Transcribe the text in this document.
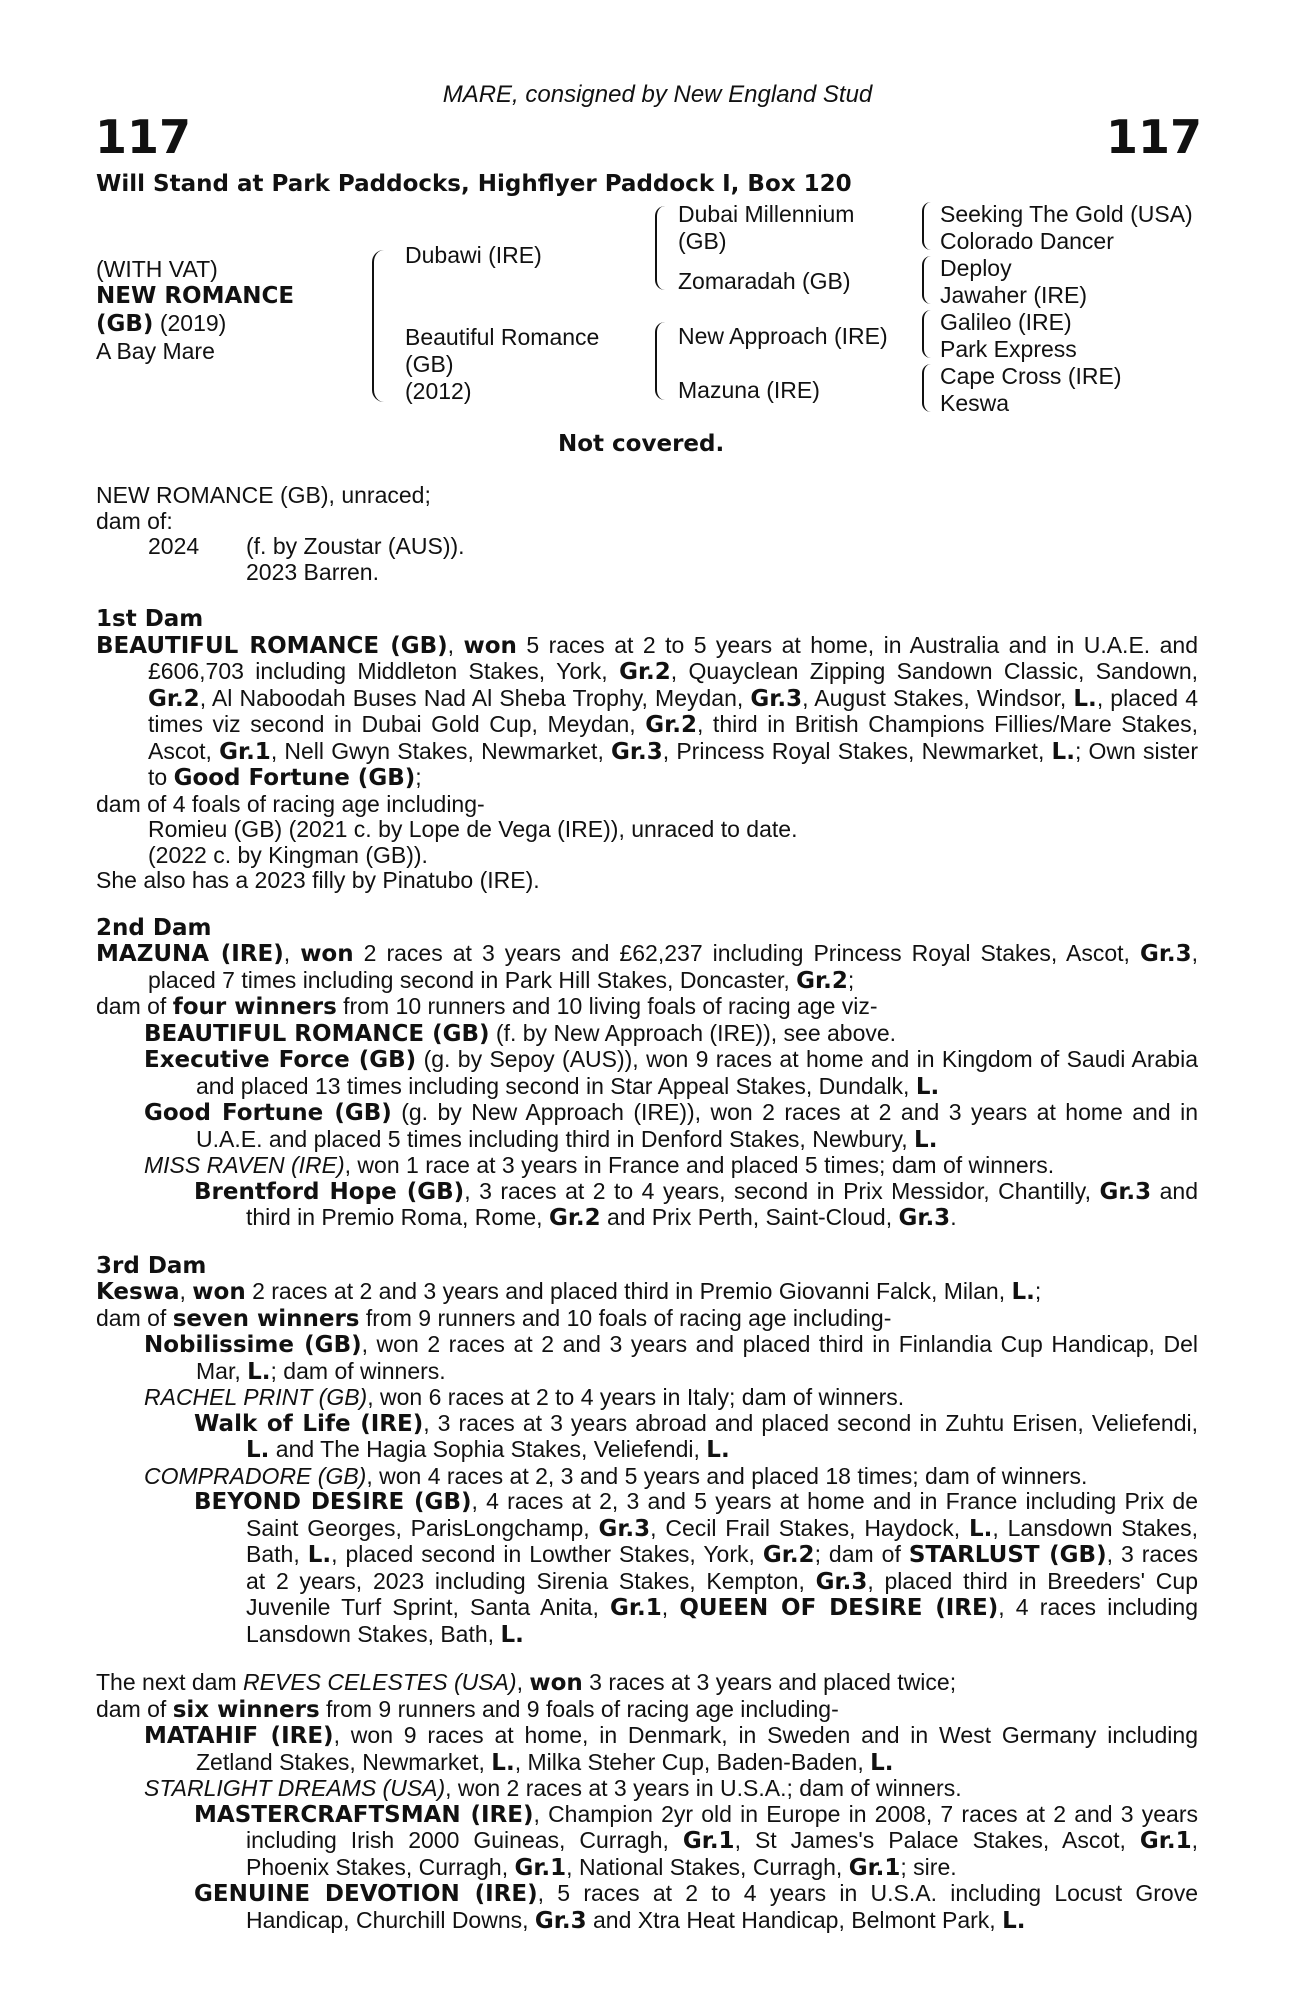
MARE, consigned by New England Stud
117	117
Will Stand at Park Paddocks, Highflyer Paddock I, Box 120
(WITH VAT)
NEW ROMANCE
(GB) (2019)
A Bay Mare
Dubawi (IRE)
Beautiful Romance
(GB)
(2012)
Dubai Millennium
(GB)
Zomaradah (GB)
New Approach (IRE)
Mazuna (IRE)
Seeking The Gold (USA)
Colorado Dancer
Deploy
Jawaher (IRE)
Galileo (IRE)
Park Express
Cape Cross (IRE)
Keswa
Not covered.
NEW ROMANCE (GB), unraced;
dam of:
2024 (f. by Zoustar (AUS)).
2023 Barren.
1st Dam
BEAUTIFUL ROMANCE (GB), won 5 races at 2 to 5 years at home, in Australia and in U.A.E. and £606,703 including Middleton Stakes, York, Gr.2, Quayclean Zipping Sandown Classic, Sandown, Gr.2, Al Naboodah Buses Nad Al Sheba Trophy, Meydan, Gr.3, August Stakes, Windsor, L., placed 4 times viz second in Dubai Gold Cup, Meydan, Gr.2, third in British Champions Fillies/Mare Stakes, Ascot, Gr.1, Nell Gwyn Stakes, Newmarket, Gr.3, Princess Royal Stakes, Newmarket, L.; Own sister to Good Fortune (GB);
dam of 4 foals of racing age including-
Romieu (GB) (2021 c. by Lope de Vega (IRE)), unraced to date.
(2022 c. by Kingman (GB)).
She also has a 2023 filly by Pinatubo (IRE).
2nd Dam
MAZUNA (IRE), won 2 races at 3 years and £62,237 including Princess Royal Stakes, Ascot, Gr.3, placed 7 times including second in Park Hill Stakes, Doncaster, Gr.2;
dam of four winners from 10 runners and 10 living foals of racing age viz-
BEAUTIFUL ROMANCE (GB) (f. by New Approach (IRE)), see above.
Executive Force (GB) (g. by Sepoy (AUS)), won 9 races at home and in Kingdom of Saudi Arabia and placed 13 times including second in Star Appeal Stakes, Dundalk, L.
Good Fortune (GB) (g. by New Approach (IRE)), won 2 races at 2 and 3 years at home and in U.A.E. and placed 5 times including third in Denford Stakes, Newbury, L.
MISS RAVEN (IRE), won 1 race at 3 years in France and placed 5 times; dam of winners.
Brentford Hope (GB), 3 races at 2 to 4 years, second in Prix Messidor, Chantilly, Gr.3 and third in Premio Roma, Rome, Gr.2 and Prix Perth, Saint-Cloud, Gr.3.
3rd Dam
Keswa, won 2 races at 2 and 3 years and placed third in Premio Giovanni Falck, Milan, L.;
dam of seven winners from 9 runners and 10 foals of racing age including-
Nobilissime (GB), won 2 races at 2 and 3 years and placed third in Finlandia Cup Handicap, Del Mar, L.; dam of winners.
RACHEL PRINT (GB), won 6 races at 2 to 4 years in Italy; dam of winners.
Walk of Life (IRE), 3 races at 3 years abroad and placed second in Zuhtu Erisen, Veliefendi, L. and The Hagia Sophia Stakes, Veliefendi, L.
COMPRADORE (GB), won 4 races at 2, 3 and 5 years and placed 18 times; dam of winners.
BEYOND DESIRE (GB), 4 races at 2, 3 and 5 years at home and in France including Prix de Saint Georges, ParisLongchamp, Gr.3, Cecil Frail Stakes, Haydock, L., Lansdown Stakes, Bath, L., placed second in Lowther Stakes, York, Gr.2; dam of STARLUST (GB), 3 races at 2 years, 2023 including Sirenia Stakes, Kempton, Gr.3, placed third in Breeders' Cup Juvenile Turf Sprint, Santa Anita, Gr.1, QUEEN OF DESIRE (IRE), 4 races including Lansdown Stakes, Bath, L.
The next dam REVES CELESTES (USA), won 3 races at 3 years and placed twice;
dam of six winners from 9 runners and 9 foals of racing age including-
MATAHIF (IRE), won 9 races at home, in Denmark, in Sweden and in West Germany including Zetland Stakes, Newmarket, L., Milka Steher Cup, Baden-Baden, L.
STARLIGHT DREAMS (USA), won 2 races at 3 years in U.S.A.; dam of winners.
MASTERCRAFTSMAN (IRE), Champion 2yr old in Europe in 2008, 7 races at 2 and 3 years including Irish 2000 Guineas, Curragh, Gr.1, St James's Palace Stakes, Ascot, Gr.1, Phoenix Stakes, Curragh, Gr.1, National Stakes, Curragh, Gr.1; sire.
GENUINE DEVOTION (IRE), 5 races at 2 to 4 years in U.S.A. including Locust Grove Handicap, Churchill Downs, Gr.3 and Xtra Heat Handicap, Belmont Park, L.
